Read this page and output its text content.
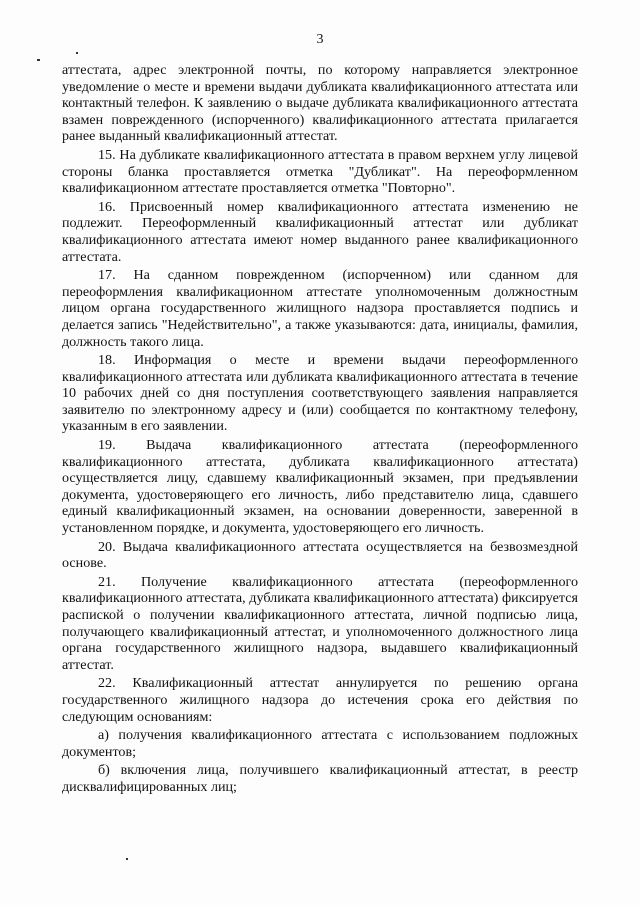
3

аттестата, адрес электронной почты, по которому направляется электронное уведомление о месте и времени выдачи дубликата квалификационного аттестата или контактный телефон. К заявлению о выдаче дубликата квалификационного аттестата взамен поврежденного (испорченного) квалификационного аттестата прилагается ранее выданный квалификационный аттестат.

15. На дубликате квалификационного аттестата в правом верхнем углу лицевой стороны бланка проставляется отметка "Дубликат". На переоформленном квалификационном аттестате проставляется отметка "Повторно".

16. Присвоенный номер квалификационного аттестата изменению не подлежит. Переоформленный квалификационный аттестат или дубликат квалификационного аттестата имеют номер выданного ранее квалификационного аттестата.

17. На сданном поврежденном (испорченном) или сданном для переоформления квалификационном аттестате уполномоченным должностным лицом органа государственного жилищного надзора проставляется подпись и делается запись "Недействительно", а также указываются: дата, инициалы, фамилия, должность такого лица.

18. Информация о месте и времени выдачи переоформленного квалификационного аттестата или дубликата квалификационного аттестата в течение 10 рабочих дней со дня поступления соответствующего заявления направляется заявителю по электронному адресу и (или) сообщается по контактному телефону, указанным в его заявлении.

19. Выдача квалификационного аттестата (переоформленного квалификационного аттестата, дубликата квалификационного аттестата) осуществляется лицу, сдавшему квалификационный экзамен, при предъявлении документа, удостоверяющего его личность, либо представителю лица, сдавшего единый квалификационный экзамен, на основании доверенности, заверенной в установленном порядке, и документа, удостоверяющего его личность.

20. Выдача квалификационного аттестата осуществляется на безвозмездной основе.

21. Получение квалификационного аттестата (переоформленного квалификационного аттестата, дубликата квалификационного аттестата) фиксируется распиской о получении квалификационного аттестата, личной подписью лица, получающего квалификационный аттестат, и уполномоченного должностного лица органа государственного жилищного надзора, выдавшего квалификационный аттестат.

22. Квалификационный аттестат аннулируется по решению органа государственного жилищного надзора до истечения срока его действия по следующим основаниям:

а) получения квалификационного аттестата с использованием подложных документов;

б) включения лица, получившего квалификационный аттестат, в реестр дисквалифицированных лиц;
